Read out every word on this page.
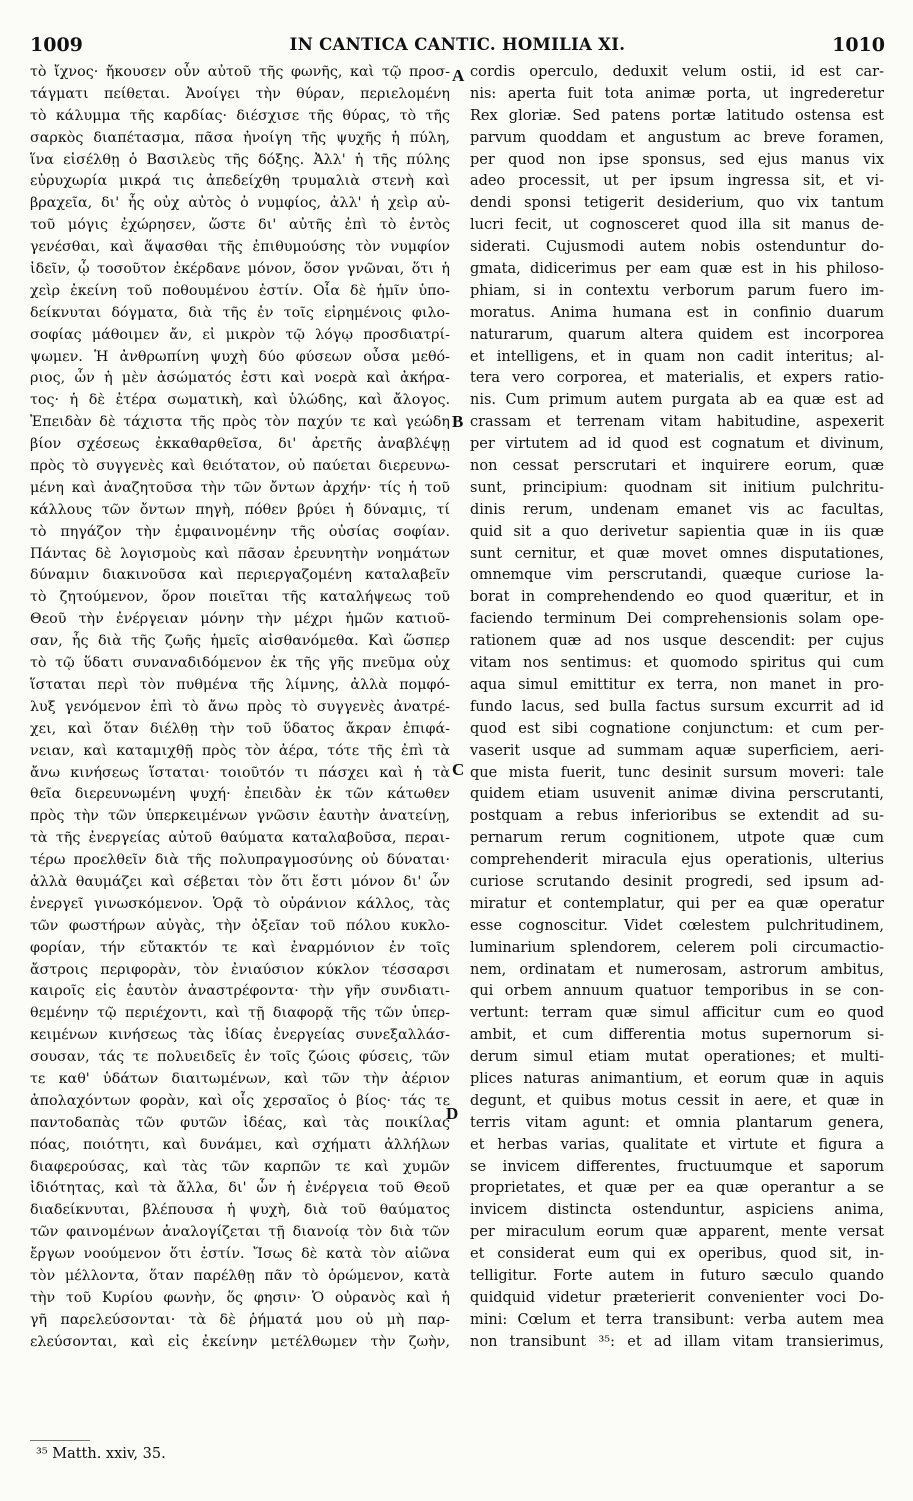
1009	IN CANTICA CANTIC. HOMILIA XI.	1010
τὸ ἴχνος· ἤκουσεν οὖν αὐτοῦ τῆς φωνῆς, καὶ τῷ προσ-
τάγματι πείθεται. Ἀνοίγει τὴν θύραν, περιελομένη
τὸ κάλυμμα τῆς καρδίας· διέσχισε τῆς θύρας, τὸ τῆς
σαρκὸς διαπέτασμα, πᾶσα ἠνοίγη τῆς ψυχῆς ἡ πύλη,
ἵνα εἰσέλθῃ ὁ Βασιλεὺς τῆς δόξης. Ἀλλ' ἡ τῆς πύλης
εὐρυχωρία μικρά τις ἀπεδείχθη τρυμαλιὰ στενὴ καὶ
βραχεῖα, δι' ἧς οὐχ αὐτὸς ὁ νυμφίος, ἀλλ' ἡ χεὶρ αὐ-
τοῦ μόγις ἐχώρησεν, ὥστε δι' αὐτῆς ἐπὶ τὸ ἐντὸς
γενέσθαι, καὶ ἅψασθαι τῆς ἐπιθυμούσης τὸν νυμφίον
ἰδεῖν, ᾧ τοσοῦτον ἐκέρδανε μόνον, ὅσον γνῶναι, ὅτι ἡ
χεὶρ ἐκείνη τοῦ ποθουμένου ἐστίν. Οἷα δὲ ἡμῖν ὑπο-
δείκνυται δόγματα, διὰ τῆς ἐν τοῖς εἰρημένοις φιλο-
σοφίας μάθοιμεν ἄν, εἰ μικρὸν τῷ λόγῳ προσδιατρί-
ψωμεν. Ἡ ἀνθρωπίνη ψυχὴ δύο φύσεων οὖσα μεθό-
ριος, ὧν ἡ μὲν ἀσώματός ἐστι καὶ νοερὰ καὶ ἀκήρα-
τος· ἡ δὲ ἑτέρα σωματικὴ, καὶ ὑλώδης, καὶ ἄλογος.
Ἐπειδὰν δὲ τάχιστα τῆς πρὸς τὸν παχύν τε καὶ γεώδη
βίον σχέσεως ἐκκαθαρθεῖσα, δι' ἀρετῆς ἀναβλέψῃ
πρὸς τὸ συγγενὲς καὶ θειότατον, οὐ παύεται διερευνω-
μένη καὶ ἀναζητοῦσα τὴν τῶν ὄντων ἀρχήν· τίς ἡ τοῦ
κάλλους τῶν ὄντων πηγὴ, πόθεν βρύει ἡ δύναμις, τί
τὸ πηγάζον τὴν ἐμφαινομένην τῆς οὐσίας σοφίαν.
Πάντας δὲ λογισμοὺς καὶ πᾶσαν ἐρευνητὴν νοημάτων
δύναμιν διακινοῦσα καὶ περιεργαζομένη καταλαβεῖν
τὸ ζητούμενον, ὅρον ποιεῖται τῆς καταλήψεως τοῦ
Θεοῦ τὴν ἐνέργειαν μόνην τὴν μέχρι ἡμῶν κατιοῦ-
σαν, ἧς διὰ τῆς ζωῆς ἡμεῖς αἰσθανόμεθα. Καὶ ὥσπερ
τὸ τῷ ὕδατι συναναδιδόμενον ἐκ τῆς γῆς πνεῦμα οὐχ
ἵσταται περὶ τὸν πυθμένα τῆς λίμνης, ἀλλὰ πομφό-
λυξ γενόμενον ἐπὶ τὸ ἄνω πρὸς τὸ συγγενὲς ἀνατρέ-
χει, καὶ ὅταν διέλθῃ τὴν τοῦ ὕδατος ἄκραν ἐπιφά-
νειαν, καὶ καταμιχθῇ πρὸς τὸν ἀέρα, τότε τῆς ἐπὶ τὰ
ἄνω κινήσεως ἵσταται· τοιοῦτόν τι πάσχει καὶ ἡ τὰ
θεῖα διερευνωμένη ψυχή· ἐπειδὰν ἐκ τῶν κάτωθεν
πρὸς τὴν τῶν ὑπερκειμένων γνῶσιν ἑαυτὴν ἀνατείνῃ,
τὰ τῆς ἐνεργείας αὐτοῦ θαύματα καταλαβοῦσα, περαι-
τέρω προελθεῖν διὰ τῆς πολυπραγμοσύνης οὐ δύναται·
ἀλλὰ θαυμάζει καὶ σέβεται τὸν ὅτι ἔστι μόνον δι' ὧν
ἐνεργεῖ γινωσκόμενον. Ὁρᾷ τὸ οὐράνιον κάλλος, τὰς
τῶν φωστήρων αὐγὰς, τὴν ὀξεῖαν τοῦ πόλου κυκλο-
φορίαν, τήν εὔτακτόν τε καὶ ἐναρμόνιον ἐν τοῖς
ἄστροις περιφορὰν, τὸν ἐνιαύσιον κύκλον τέσσαρσι
καιροῖς εἰς ἑαυτὸν ἀναστρέφοντα· τὴν γῆν συνδιατι-
θεμένην τῷ περιέχοντι, καὶ τῇ διαφορᾷ τῆς τῶν ὑπερ-
κειμένων κινήσεως τὰς ἰδίας ἐνεργείας συνεξαλλάσ-
σουσαν, τάς τε πολυειδεῖς ἐν τοῖς ζώοις φύσεις, τῶν
τε καθ' ὑδάτων διαιτωμένων, καὶ τῶν τὴν ἀέριον
ἀπολαχόντων φορὰν, καὶ οἷς χερσαῖος ὁ βίος· τάς τε
παντοδαπὰς τῶν φυτῶν ἰδέας, καὶ τὰς ποικίλας
πόας, ποιότητι, καὶ δυνάμει, καὶ σχήματι ἀλλήλων
διαφερούσας, καὶ τὰς τῶν καρπῶν τε καὶ χυμῶν
ἰδιότητας, καὶ τὰ ἄλλα, δι' ὧν ἡ ἐνέργεια τοῦ Θεοῦ
διαδείκνυται, βλέπουσα ἡ ψυχὴ, διὰ τοῦ θαύματος
τῶν φαινομένων ἀναλογίζεται τῇ διανοίᾳ τὸν διὰ τῶν
ἔργων νοούμενον ὅτι ἐστίν. Ἴσως δὲ κατὰ τὸν αἰῶνα
τὸν μέλλοντα, ὅταν παρέλθῃ πᾶν τὸ ὁρώμενον, κατὰ
τὴν τοῦ Κυρίου φωνὴν, ὅς φησιν· Ὁ οὐρανὸς καὶ ἡ
γῆ παρελεύσονται· τὰ δὲ ῥήματά μου οὐ μὴ παρ-
ελεύσονται, καὶ εἰς ἐκείνην μετέλθωμεν τὴν ζωὴν,
cordis operculo, deduxit velum ostii, id est car-
nis: aperta fuit tota animæ porta, ut ingrederetur
Rex gloriæ. Sed patens portæ latitudo ostensa est
parvum quoddam et angustum ac breve foramen,
per quod non ipse sponsus, sed ejus manus vix
adeo processit, ut per ipsum ingressa sit, et vi-
dendi sponsi tetigerit desiderium, quo vix tantum
lucri fecit, ut cognosceret quod illa sit manus de-
siderati. Cujusmodi autem nobis ostenduntur do-
gmata, didicerimus per eam quæ est in his philoso-
phiam, si in contextu verborum parum fuero im-
moratus. Anima humana est in confinio duarum
naturarum, quarum altera quidem est incorporea
et intelligens, et in quam non cadit interitus; al-
tera vero corporea, et materialis, et expers ratio-
nis. Cum primum autem purgata ab ea quæ est ad
crassam et terrenam vitam habitudine, aspexerit
per virtutem ad id quod est cognatum et divinum,
non cessat perscrutari et inquirere eorum, quæ
sunt, principium: quodnam sit initium pulchritu-
dinis rerum, undenam emanet vis ac facultas,
quid sit a quo derivetur sapientia quæ in iis quæ
sunt cernitur, et quæ movet omnes disputationes,
omnemque vim perscrutandi, quæque curiose la-
borat in comprehendendo eo quod quæritur, et in
faciendo terminum Dei comprehensionis solam ope-
rationem quæ ad nos usque descendit: per cujus
vitam nos sentimus: et quomodo spiritus qui cum
aqua simul emittitur ex terra, non manet in pro-
fundo lacus, sed bulla factus sursum excurrit ad id
quod est sibi cognatione conjunctum: et cum per-
vaserit usque ad summam aquæ superficiem, aeri-
que mista fuerit, tunc desinit sursum moveri: tale
quidem etiam usuvenit animæ divina perscrutanti,
postquam a rebus inferioribus se extendit ad su-
pernarum rerum cognitionem, utpote quæ cum
comprehenderit miracula ejus operationis, ulterius
curiose scrutando desinit progredi, sed ipsum ad-
miratur et contemplatur, qui per ea quæ operatur
esse cognoscitur. Videt cœlestem pulchritudinem,
luminarium splendorem, celerem poli circumactio-
nem, ordinatam et numerosam, astrorum ambitus,
qui orbem annuum quatuor temporibus in se con-
vertunt: terram quæ simul afficitur cum eo quod
ambit, et cum differentia motus supernorum si-
derum simul etiam mutat operationes; et multi-
plices naturas animantium, et eorum quæ in aquis
degunt, et quibus motus cessit in aere, et quæ in
terris vitam agunt: et omnia plantarum genera,
et herbas varias, qualitate et virtute et figura a
se invicem differentes, fructuumque et saporum
proprietates, et quæ per ea quæ operantur a se
invicem distincta ostenduntur, aspiciens anima,
per miraculum eorum quæ apparent, mente versat
et considerat eum qui ex operibus, quod sit, in-
telligitur. Forte autem in futuro sæculo quando
quidquid videtur præterierit convenienter voci Do-
mini: Cœlum et terra transibunt: verba autem mea
non transibunt ³⁵: et ad illam vitam transierimus,
A
B
C
D
³⁵ Matth. xxiv, 35.
